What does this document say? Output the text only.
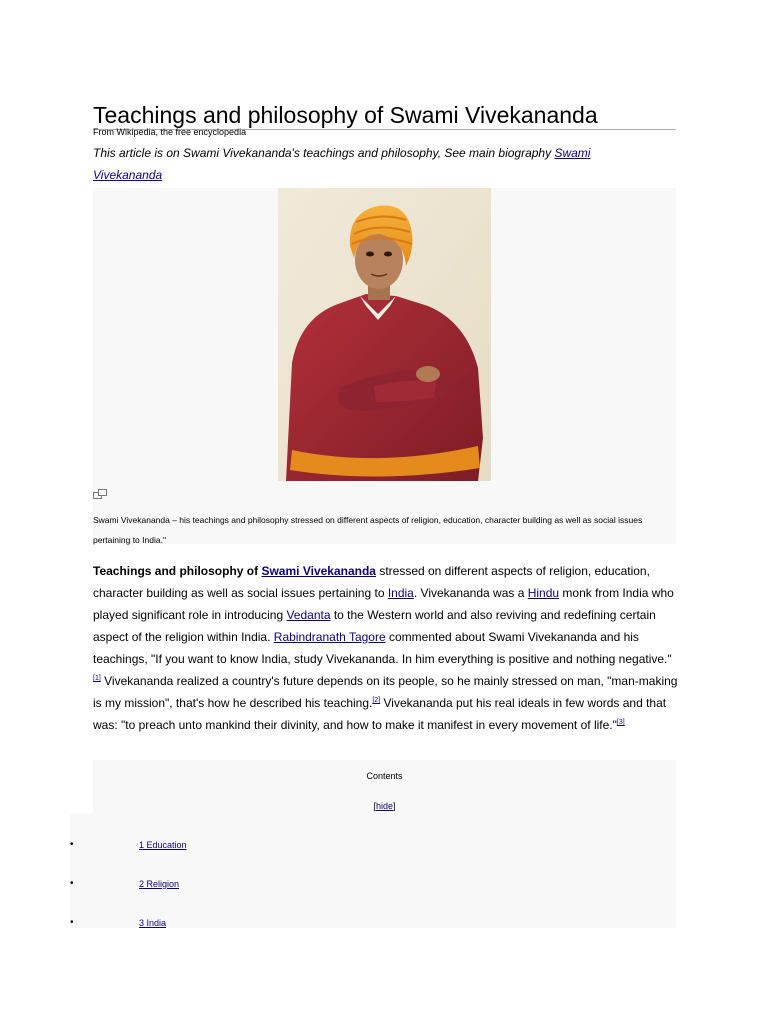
Teachings and philosophy of Swami Vivekananda
From Wikipedia, the free encyclopedia
This article is on Swami Vivekananda's teachings and philosophy, See main biography Swami
Vivekananda
Swami Vivekananda – his teachings and philosophy stressed on different aspects of religion, education, character building as well as social issues pertaining to India."
Teachings and philosophy of Swami Vivekananda stressed on different aspects of religion, education, character building as well as social issues pertaining to India. Vivekananda was a Hindu monk from India who played significant role in introducing Vedanta to the Western world and also reviving and redefining certain aspect of the religion within India. Rabindranath Tagore commented about Swami Vivekananda and his teachings, "If you want to know India, study Vivekananda. In him everything is positive and nothing negative."[1] Vivekananda realized a country's future depends on its people, so he mainly stressed on man, "man-making is my mission", that's how he described his teaching.[2] Vivekananda put his real ideals in few words and that was: "to preach unto mankind their divinity, and how to make it manifest in every movement of life."[3]
Contents
[hide]
•	1 Education
•	2 Religion
•	3 India
